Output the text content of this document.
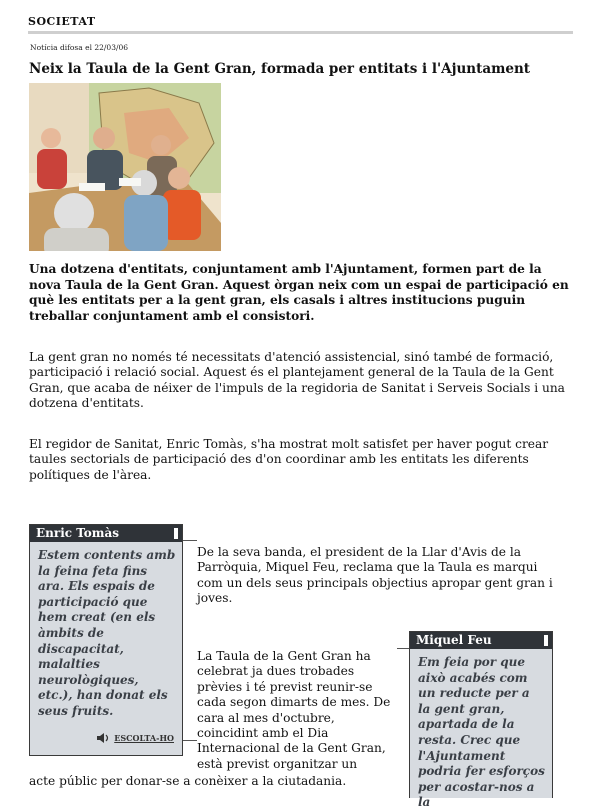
SOCIETAT
Notícia difosa el 22/03/06
Neix la Taula de la Gent Gran, formada per entitats i l'Ajuntament
Una dotzena d'entitats, conjuntament amb l'Ajuntament, formen part de la nova Taula de la Gent Gran. Aquest òrgan neix com un espai de participació en què les entitats per a la gent gran, els casals i altres institucions puguin treballar conjuntament amb el consistori.
La gent gran no només té necessitats d'atenció assistencial, sinó també de formació, participació i relació social. Aquest és el plantejament general de la Taula de la Gent Gran, que acaba de néixer de l'impuls de la regidoria de Sanitat i Serveis Socials i una dotzena d'entitats.
El regidor de Sanitat, Enric Tomàs, s'ha mostrat molt satisfet per haver pogut crear taules sectorials de participació des d'on coordinar amb les entitats les diferents polítiques de l'àrea.
Enric Tomàs
Estem contents amb la feina feta fins ara. Els espais de participació que hem creat (en els àmbits de discapacitat, malalties neurològiques, etc.), han donat els seus fruits.
ESCOLTA-HO
Miquel Feu
Em feia por que això acabés com un reducte per a la gent gran, apartada de la resta. Crec que l'Ajuntament podria fer esforços per acostar-nos a la
De la seva banda, el president de la Llar d'Avis de la Parròquia, Miquel Feu, reclama que la Taula es marqui com un dels seus principals objectius apropar gent gran i joves.
La Taula de la Gent Gran ha celebrat ja dues trobades prèvies i té previst reunir-se cada segon dimarts de mes. De cara al mes d'octubre, coincidint amb el Dia Internacional de la Gent Gran, està previst organitzar un
acte públic per donar-se a conèixer a la ciutadania.
